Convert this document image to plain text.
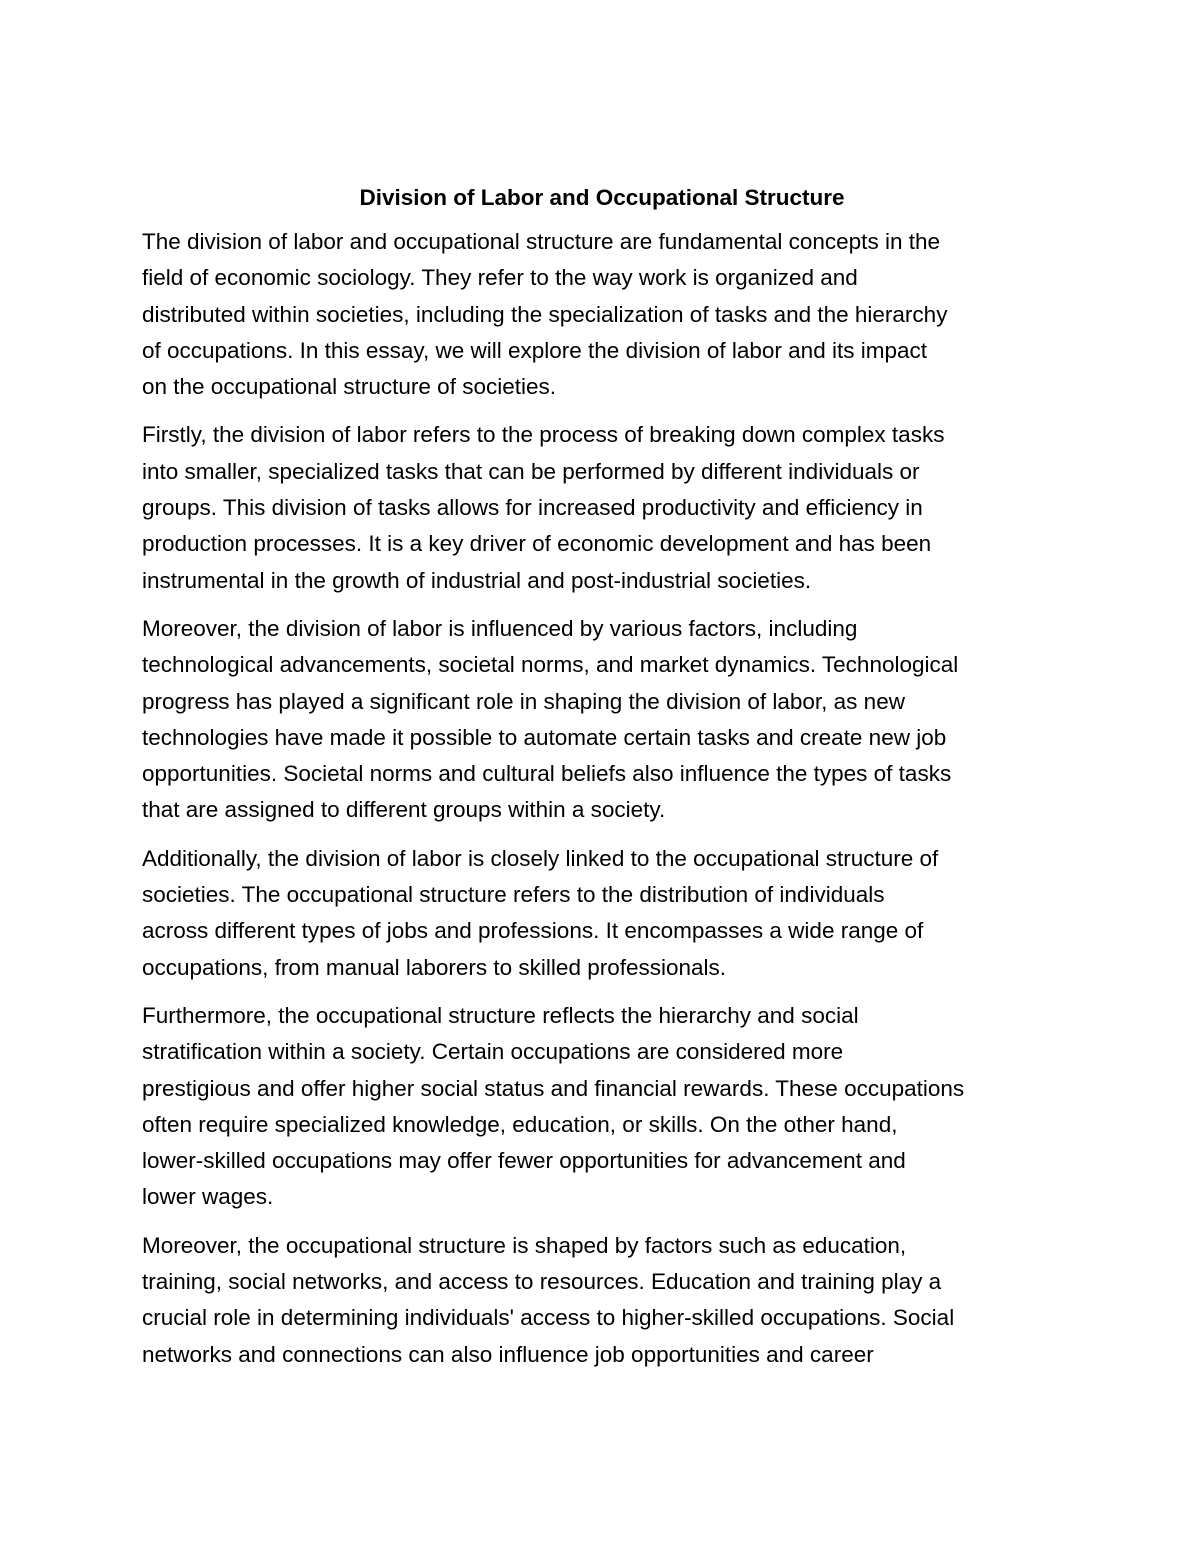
Division of Labor and Occupational Structure
The division of labor and occupational structure are fundamental concepts in the
field of economic sociology. They refer to the way work is organized and
distributed within societies, including the specialization of tasks and the hierarchy
of occupations. In this essay, we will explore the division of labor and its impact
on the occupational structure of societies.
Firstly, the division of labor refers to the process of breaking down complex tasks
into smaller, specialized tasks that can be performed by different individuals or
groups. This division of tasks allows for increased productivity and efficiency in
production processes. It is a key driver of economic development and has been
instrumental in the growth of industrial and post-industrial societies.
Moreover, the division of labor is influenced by various factors, including
technological advancements, societal norms, and market dynamics. Technological
progress has played a significant role in shaping the division of labor, as new
technologies have made it possible to automate certain tasks and create new job
opportunities. Societal norms and cultural beliefs also influence the types of tasks
that are assigned to different groups within a society.
Additionally, the division of labor is closely linked to the occupational structure of
societies. The occupational structure refers to the distribution of individuals
across different types of jobs and professions. It encompasses a wide range of
occupations, from manual laborers to skilled professionals.
Furthermore, the occupational structure reflects the hierarchy and social
stratification within a society. Certain occupations are considered more
prestigious and offer higher social status and financial rewards. These occupations
often require specialized knowledge, education, or skills. On the other hand,
lower-skilled occupations may offer fewer opportunities for advancement and
lower wages.
Moreover, the occupational structure is shaped by factors such as education,
training, social networks, and access to resources. Education and training play a
crucial role in determining individuals' access to higher-skilled occupations. Social
networks and connections can also influence job opportunities and career
